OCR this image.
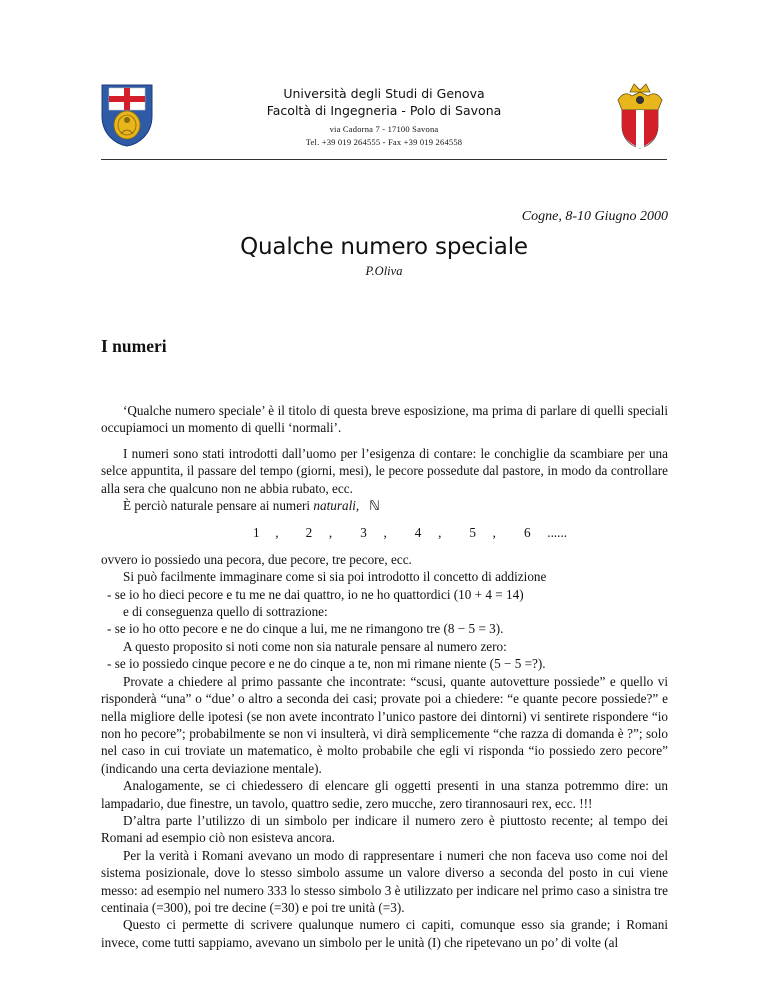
Università degli Studi di Genova
Facoltà di Ingegneria - Polo di Savona
via Cadorna 7 - 17100 Savona
Tel. +39 019 264555 - Fax +39 019 264558
Cogne, 8-10 Giugno 2000
Qualche numero speciale
P.Oliva
I numeri

‘Qualche numero speciale’ è il titolo di questa breve esposizione, ma prima di parlare di quelli speciali occupiamoci un momento di quelli ‘normali’.

I numeri sono stati introdotti dall’uomo per l’esigenza di contare: le conchiglie da scambiare per una selce appuntita, il passare del tempo (giorni, mesi), le pecore possedute dal pastore, in modo da controllare alla sera che qualcuno non ne abbia rubato, ecc.

È perciò naturale pensare ai numeri naturali, ℕ

1 , 2 , 3 , 4 , 5 , 6 ......

ovvero io possiedo una pecora, due pecore, tre pecore, ecc.

Si può facilmente immaginare come si sia poi introdotto il concetto di addizione

- se io ho dieci pecore e tu me ne dai quattro, io ne ho quattordici (10 + 4 = 14)

e di conseguenza quello di sottrazione:

- se io ho otto pecore e ne do cinque a lui, me ne rimangono tre (8 − 5 = 3).

A questo proposito si noti come non sia naturale pensare al numero zero:

- se io possiedo cinque pecore e ne do cinque a te, non mi rimane niente (5 − 5 =?).

Provate a chiedere al primo passante che incontrate: “scusi, quante autovetture possiede” e quello vi risponderà “una” o “due’ o altro a seconda dei casi; provate poi a chiedere: “e quante pecore possiede?” e nella migliore delle ipotesi (se non avete incontrato l’unico pastore dei dintorni) vi sentirete rispondere “io non ho pecore”; probabilmente se non vi insulterà, vi dirà semplicemente “che razza di domanda è ?”; solo nel caso in cui troviate un matematico, è molto probabile che egli vi risponda “io possiedo zero pecore” (indicando una certa deviazione mentale).

Analogamente, se ci chiedessero di elencare gli oggetti presenti in una stanza potremmo dire: un lampadario, due finestre, un tavolo, quattro sedie, zero mucche, zero tirannosauri rex, ecc. !!!

D’altra parte l’utilizzo di un simbolo per indicare il numero zero è piuttosto recente; al tempo dei Romani ad esempio ciò non esisteva ancora.

Per la verità i Romani avevano un modo di rappresentare i numeri che non faceva uso come noi del sistema posizionale, dove lo stesso simbolo assume un valore diverso a seconda del posto in cui viene messo: ad esempio nel numero 333 lo stesso simbolo 3 è utilizzato per indicare nel primo caso a sinistra tre centinaia (=300), poi tre decine (=30) e poi tre unità (=3).

Questo ci permette di scrivere qualunque numero ci capiti, comunque esso sia grande; i Romani invece, come tutti sappiamo, avevano un simbolo per le unità (I) che ripetevano un po’ di volte (al
